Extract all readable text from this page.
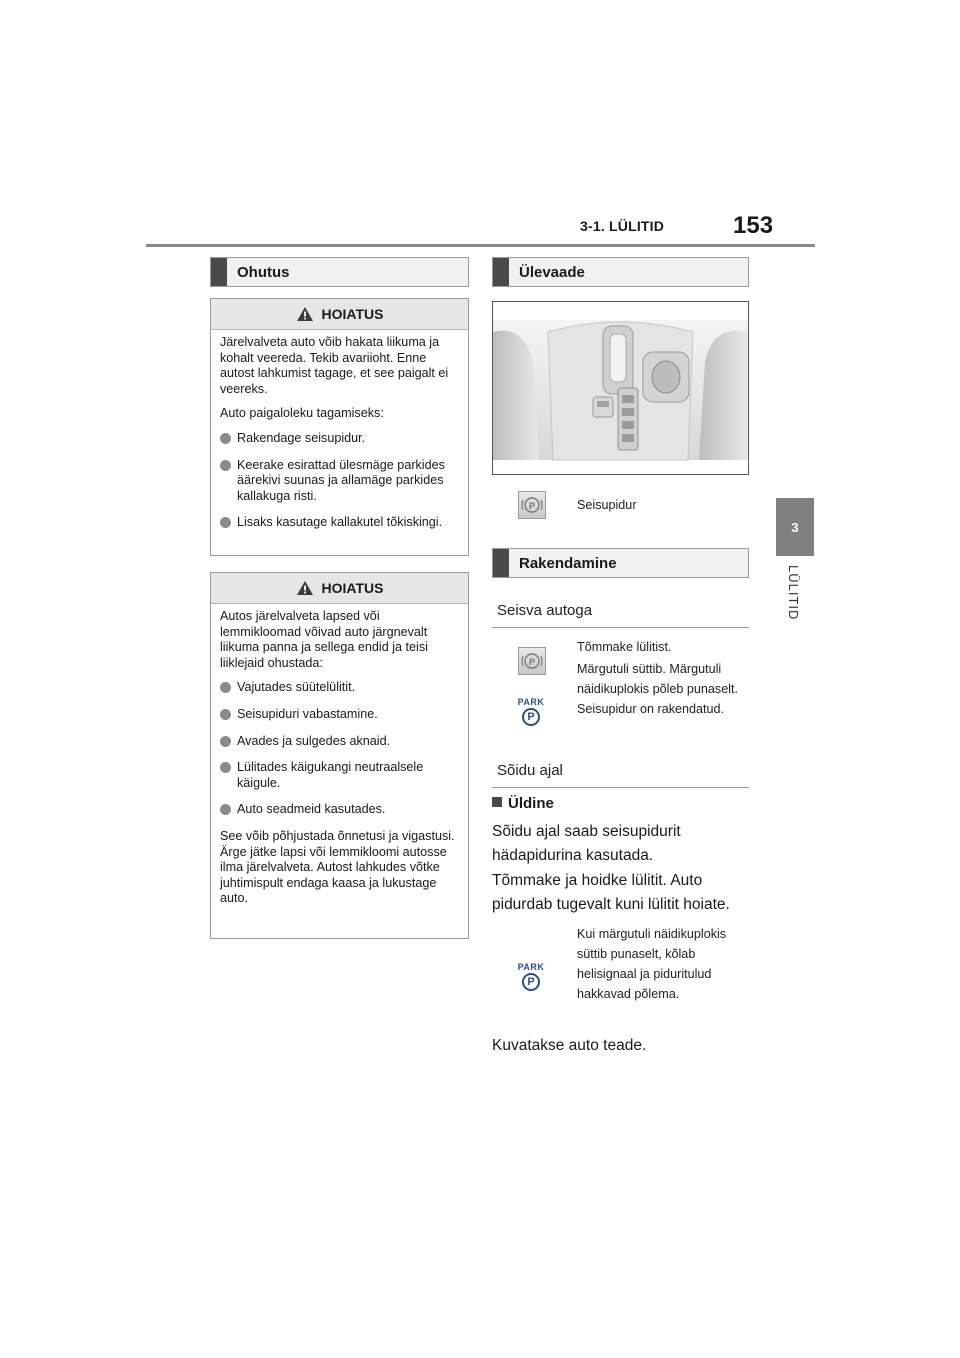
3-1. LÜLITID	153
3
LÜLITID
Ohutus
HOIATUS

Järelvalveta auto võib hakata liikuma ja kohalt veereda. Tekib avariioht. Enne autost lahkumist tagage, et see paigalt ei veereks.

Auto paigaloleku tagamiseks:

Rakendage seisupidur.
Keerake esirattad ülesmäge parkides äärekivi suunas ja allamäge parkides kallakuga risti.
Lisaks kasutage kallakutel tõkiskingi.
HOIATUS

Autos järelvalveta lapsed või lemmikloomad võivad auto järgnevalt liikuma panna ja sellega endid ja teisi liiklejaid ohustada:

Vajutades süütelülitit.
Seisupiduri vabastamine.
Avades ja sulgedes aknaid.
Lülitades käigukangi neutraalsele käigule.
Auto seadmeid kasutades.

See võib põhjustada õnnetusi ja vigastusi. Ärge jätke lapsi või lemmikloomi autosse ilma järelvalveta. Autost lahkudes võtke juhtimispult endaga kaasa ja lukustage auto.

Ülevaade
P	Seisupidur
Rakendamine
Seisva autoga
P
Tõmmake lülitist.
PARK
P
Märgutuli süttib. Märgutuli näidikuplokis põleb punaselt. Seisupidur on rakendatud.
Sõidu ajal
Üldine
Sõidu ajal saab seisupidurit hädapidurina kasutada.
Tõmmake ja hoidke lülitit. Auto pidurdab tugevalt kuni lülitit hoiate.
PARK
P
Kui märgutuli näidikuplokis süttib punaselt, kõlab helisignaal ja piduritulud hakkavad põlema.
Kuvatakse auto teade.
